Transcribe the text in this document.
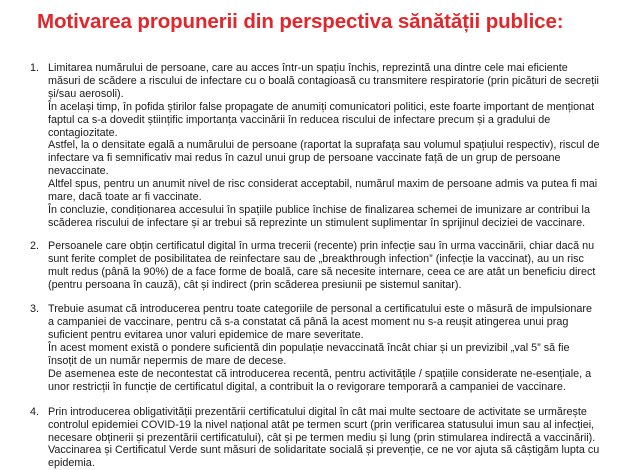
Motivarea propunerii din perspectiva sănătății publice:
1. Limitarea numărului de persoane, care au acces într-un spațiu închis, reprezintă una dintre cele mai eficiente măsuri de scădere a riscului de infectare cu o boală contagioasă cu transmitere respiratorie (prin picături de secreții și/sau aerosoli).
În același timp, în pofida știrilor false propagate de anumiți comunicatori politici, este foarte important de menționat faptul ca s-a dovedit științific importanța vaccinării în reducea riscului de infectare precum și a gradului de contagiozitate.
Astfel, la o densitate egală a numărului de persoane (raportat la suprafața sau volumul spațiului respectiv), riscul de infectare va fi semnificativ mai redus în cazul unui grup de persoane vaccinate față de un grup de persoane nevaccinate.
Altfel spus, pentru un anumit nivel de risc considerat acceptabil, numărul maxim de persoane admis va putea fi mai mare, dacă toate ar fi vaccinate.
În concluzie, condiționarea accesului în spațiile publice închise de finalizarea schemei de imunizare ar contribui la scăderea riscului de infectare și ar trebui să reprezinte un stimulent suplimentar în sprijinul deciziei de vaccinare.
2. Persoanele care obțin certificatul digital în urma trecerii (recente) prin infecție sau în urma vaccinării, chiar dacă nu sunt ferite complet de posibilitatea de reinfectare sau de „breakthrough infection” (infecție la vaccinat), au un risc mult redus (până la 90%) de a face forme de boală, care să necesite internare, ceea ce are atât un beneficiu direct (pentru persoana în cauză), cât și indirect (prin scăderea presiunii pe sistemul sanitar).
3. Trebuie asumat că introducerea pentru toate categoriile de personal a certificatului este o măsură de impulsionare a campaniei de vaccinare, pentru că s-a constatat că până la acest moment nu s-a reușit atingerea unui prag suficient pentru evitarea unor valuri epidemice de mare severitate.
În acest moment există o pondere suficientă din populație nevaccinată încât chiar și un previzibil „val 5” să fie însoțit de un număr nepermis de mare de decese.
De asemenea este de necontestat că introducerea recentă, pentru activitățile / spațiile considerate ne-esențiale, a unor restricții în funcție de certificatul digital, a contribuit la o revigorare temporară a campaniei de vaccinare.
4. Prin introducerea obligativității prezentării certificatului digital în cât mai multe sectoare de activitate se urmărește controlul epidemiei COVID-19 la nivel național atât pe termen scurt (prin verificarea statusului imun sau al infecției, necesare obținerii și prezentării certificatului), cât și pe termen mediu și lung (prin stimularea indirectă a vaccinării). Vaccinarea și Certificatul Verde sunt măsuri de solidaritate socială și prevenție, ce ne vor ajuta să câștigăm lupta cu epidemia.
